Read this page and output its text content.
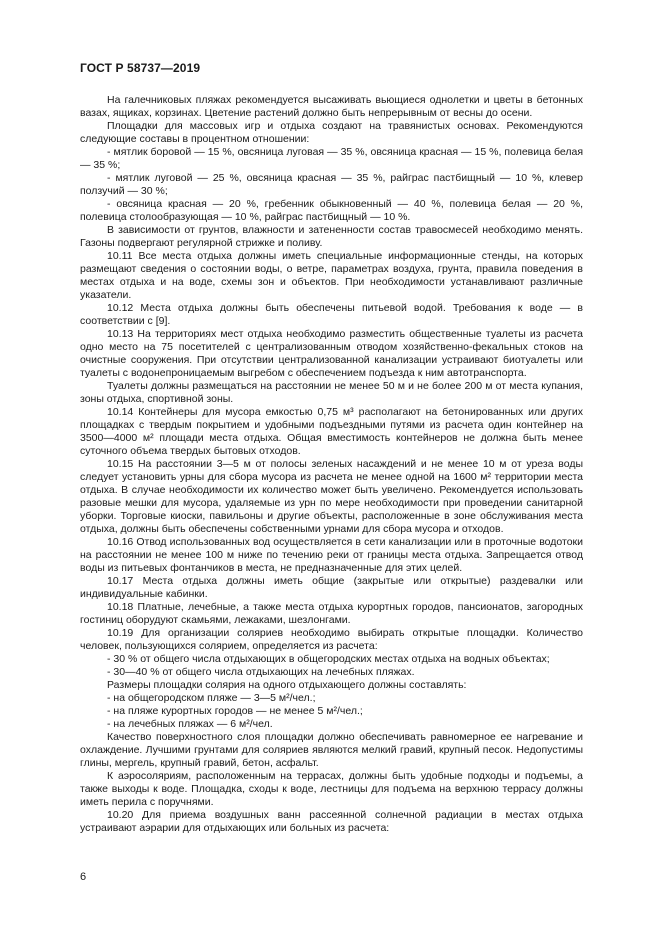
ГОСТ Р 58737—2019

На галечниковых пляжах рекомендуется высаживать вьющиеся однолетки и цветы в бетонных вазах, ящиках, корзинах. Цветение растений должно быть непрерывным от весны до осени.

Площадки для массовых игр и отдыха создают на травянистых основах. Рекомендуются следующие составы в процентном отношении:

- мятлик боровой — 15 %, овсяница луговая — 35 %, овсяница красная — 15 %, полевица белая — 35 %;

- мятлик луговой — 25 %, овсяница красная — 35 %, райграс пастбищный — 10 %, клевер ползучий — 30 %;

- овсяница красная — 20 %, гребенник обыкновенный — 40 %, полевица белая — 20 %, полевица столообразующая — 10 %, райграс пастбищный — 10 %.

В зависимости от грунтов, влажности и затененности состав травосмесей необходимо менять. Газоны подвергают регулярной стрижке и поливу.

10.11 Все места отдыха должны иметь специальные информационные стенды, на которых размещают сведения о состоянии воды, о ветре, параметрах воздуха, грунта, правила поведения в местах отдыха и на воде, схемы зон и объектов. При необходимости устанавливают различные указатели.

10.12 Места отдыха должны быть обеспечены питьевой водой. Требования к воде — в соответствии с [9].

10.13 На территориях мест отдыха необходимо разместить общественные туалеты из расчета одно место на 75 посетителей с централизованным отводом хозяйственно-фекальных стоков на очистные сооружения. При отсутствии централизованной канализации устраивают биотуалеты или туалеты с водонепроницаемым выгребом с обеспечением подъезда к ним автотранспорта.

Туалеты должны размещаться на расстоянии не менее 50 м и не более 200 м от места купания, зоны отдыха, спортивной зоны.

10.14 Контейнеры для мусора емкостью 0,75 м³ располагают на бетонированных или других площадках с твердым покрытием и удобными подъездными путями из расчета один контейнер на 3500—4000 м² площади места отдыха. Общая вместимость контейнеров не должна быть менее суточного объема твердых бытовых отходов.

10.15 На расстоянии 3—5 м от полосы зеленых насаждений и не менее 10 м от уреза воды следует установить урны для сбора мусора из расчета не менее одной на 1600 м² территории места отдыха. В случае необходимости их количество может быть увеличено. Рекомендуется использовать разовые мешки для мусора, удаляемые из урн по мере необходимости при проведении санитарной уборки. Торговые киоски, павильоны и другие объекты, расположенные в зоне обслуживания места отдыха, должны быть обеспечены собственными урнами для сбора мусора и отходов.

10.16 Отвод использованных вод осуществляется в сети канализации или в проточные водотоки на расстоянии не менее 100 м ниже по течению реки от границы места отдыха. Запрещается отвод воды из питьевых фонтанчиков в места, не предназначенные для этих целей.

10.17 Места отдыха должны иметь общие (закрытые или открытые) раздевалки или индивидуальные кабинки.

10.18 Платные, лечебные, а также места отдыха курортных городов, пансионатов, загородных гостиниц оборудуют скамьями, лежаками, шезлонгами.

10.19 Для организации соляриев необходимо выбирать открытые площадки. Количество человек, пользующихся солярием, определяется из расчета:

- 30 % от общего числа отдыхающих в общегородских местах отдыха на водных объектах;

- 30—40 % от общего числа отдыхающих на лечебных пляжах.

Размеры площадки солярия на одного отдыхающего должны составлять:

- на общегородском пляже — 3—5 м²/чел.;

- на пляже курортных городов — не менее 5 м²/чел.;

- на лечебных пляжах — 6 м²/чел.

Качество поверхностного слоя площадки должно обеспечивать равномерное ее нагревание и охлаждение. Лучшими грунтами для соляриев являются мелкий гравий, крупный песок. Недопустимы глины, мергель, крупный гравий, бетон, асфальт.

К аэросоляриям, расположенным на террасах, должны быть удобные подходы и подъемы, а также выходы к воде. Площадка, сходы к воде, лестницы для подъема на верхнюю террасу должны иметь перила с поручнями.

10.20 Для приема воздушных ванн рассеянной солнечной радиации в местах отдыха устраивают аэрарии для отдыхающих или больных из расчета:

6
